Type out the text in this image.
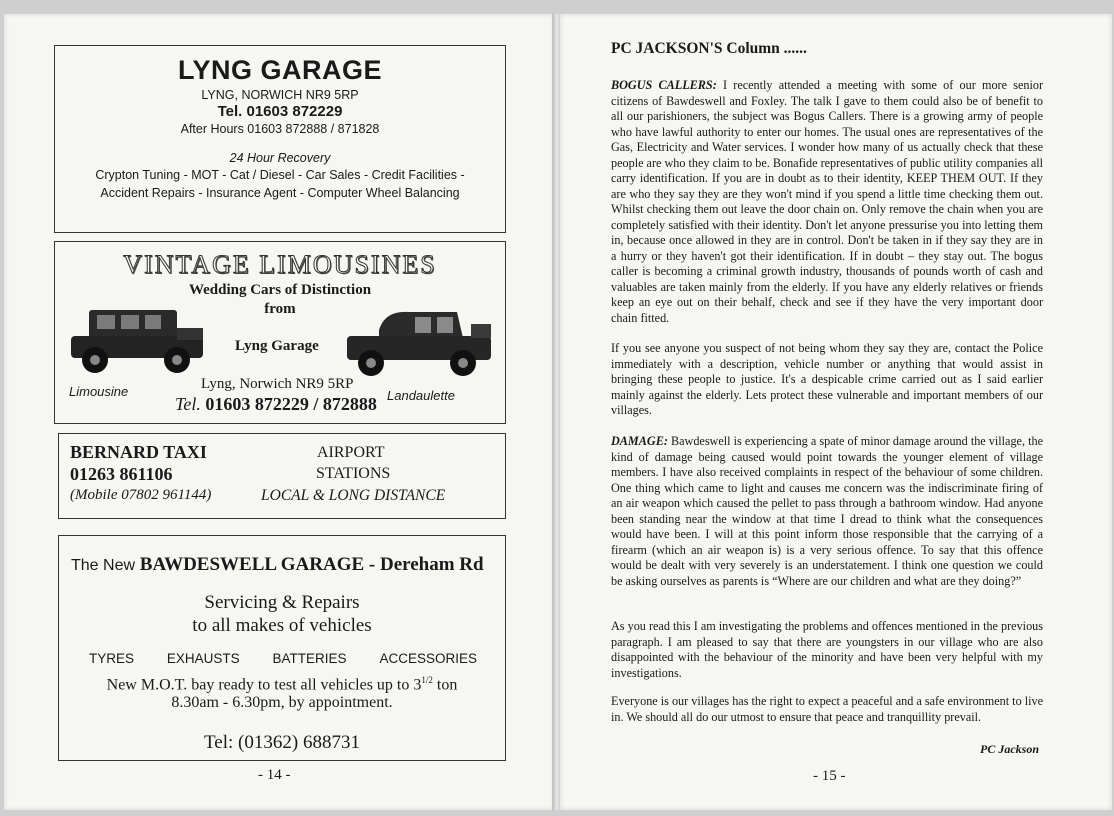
LYNG GARAGE
LYNG, NORWICH NR9 5RP
Tel. 01603 872229
After Hours 01603 872888 / 871828
24 Hour Recovery
Crypton Tuning - MOT - Cat / Diesel - Car Sales - Credit Facilities -
Accident Repairs - Insurance Agent - Computer Wheel Balancing
VINTAGE LIMOUSINES
Wedding Cars of Distinction
from
Lyng Garage
Lyng, Norwich NR9 5RP
Tel. 01603 872229 / 872888
Limousine	Landaulette
BERNARD TAXI
01263 861106
(Mobile 07802 961144)
AIRPORT
STATIONS
LOCAL & LONG DISTANCE
The New BAWDESWELL GARAGE - Dereham Rd
Servicing & Repairs
to all makes of vehicles
TYRES EXHAUSTS BATTERIES ACCESSORIES
New M.O.T. bay ready to test all vehicles up to $3^{1/2}$ ton
8.30am - 6.30pm, by appointment.
Tel: (01362) 688731
- 14 -
PC JACKSON'S Column ......
BOGUS CALLERS: I recently attended a meeting with some of our more senior citizens of Bawdeswell and Foxley. The talk I gave to them could also be of benefit to all our parishioners, the subject was Bogus Callers. There is a growing army of people who have lawful authority to enter our homes. The usual ones are representatives of the Gas, Electricity and Water services. I wonder how many of us actually check that these people are who they claim to be. Bonafide representatives of public utility companies all carry identification. If you are in doubt as to their identity, KEEP THEM OUT. If they are who they say they are they won't mind if you spend a little time checking them out. Whilst checking them out leave the door chain on. Only remove the chain when you are completely satisfied with their identity. Don't let anyone pressurise you into letting them in, because once allowed in they are in control. Don't be taken in if they say they are in a hurry or they haven't got their identification. If in doubt – they stay out. The bogus caller is becoming a criminal growth industry, thousands of pounds worth of cash and valuables are taken mainly from the elderly. If you have any elderly relatives or friends keep an eye out on their behalf, check and see if they have the very important door chain fitted.
If you see anyone you suspect of not being whom they say they are, contact the Police immediately with a description, vehicle number or anything that would assist in bringing these people to justice. It's a despicable crime carried out as I said earlier mainly against the elderly. Lets protect these vulnerable and important members of our villages.
DAMAGE: Bawdeswell is experiencing a spate of minor damage around the village, the kind of damage being caused would point towards the younger element of village members. I have also received complaints in respect of the behaviour of some children. One thing which came to light and causes me concern was the indiscriminate firing of an air weapon which caused the pellet to pass through a bathroom window. Had anyone been standing near the window at that time I dread to think what the consequences would have been. I will at this point inform those responsible that the carrying of a firearm (which an air weapon is) is a very serious offence. To say that this offence would be dealt with very severely is an understatement. I think one question we could be asking ourselves as parents is “Where are our children and what are they doing?”
As you read this I am investigating the problems and offences mentioned in the previous paragraph. I am pleased to say that there are youngsters in our village who are also disappointed with the behaviour of the minority and have been very helpful with my investigations.
Everyone is our villages has the right to expect a peaceful and a safe environment to live in. We should all do our utmost to ensure that peace and tranquillity prevail.
PC Jackson
- 15 -
